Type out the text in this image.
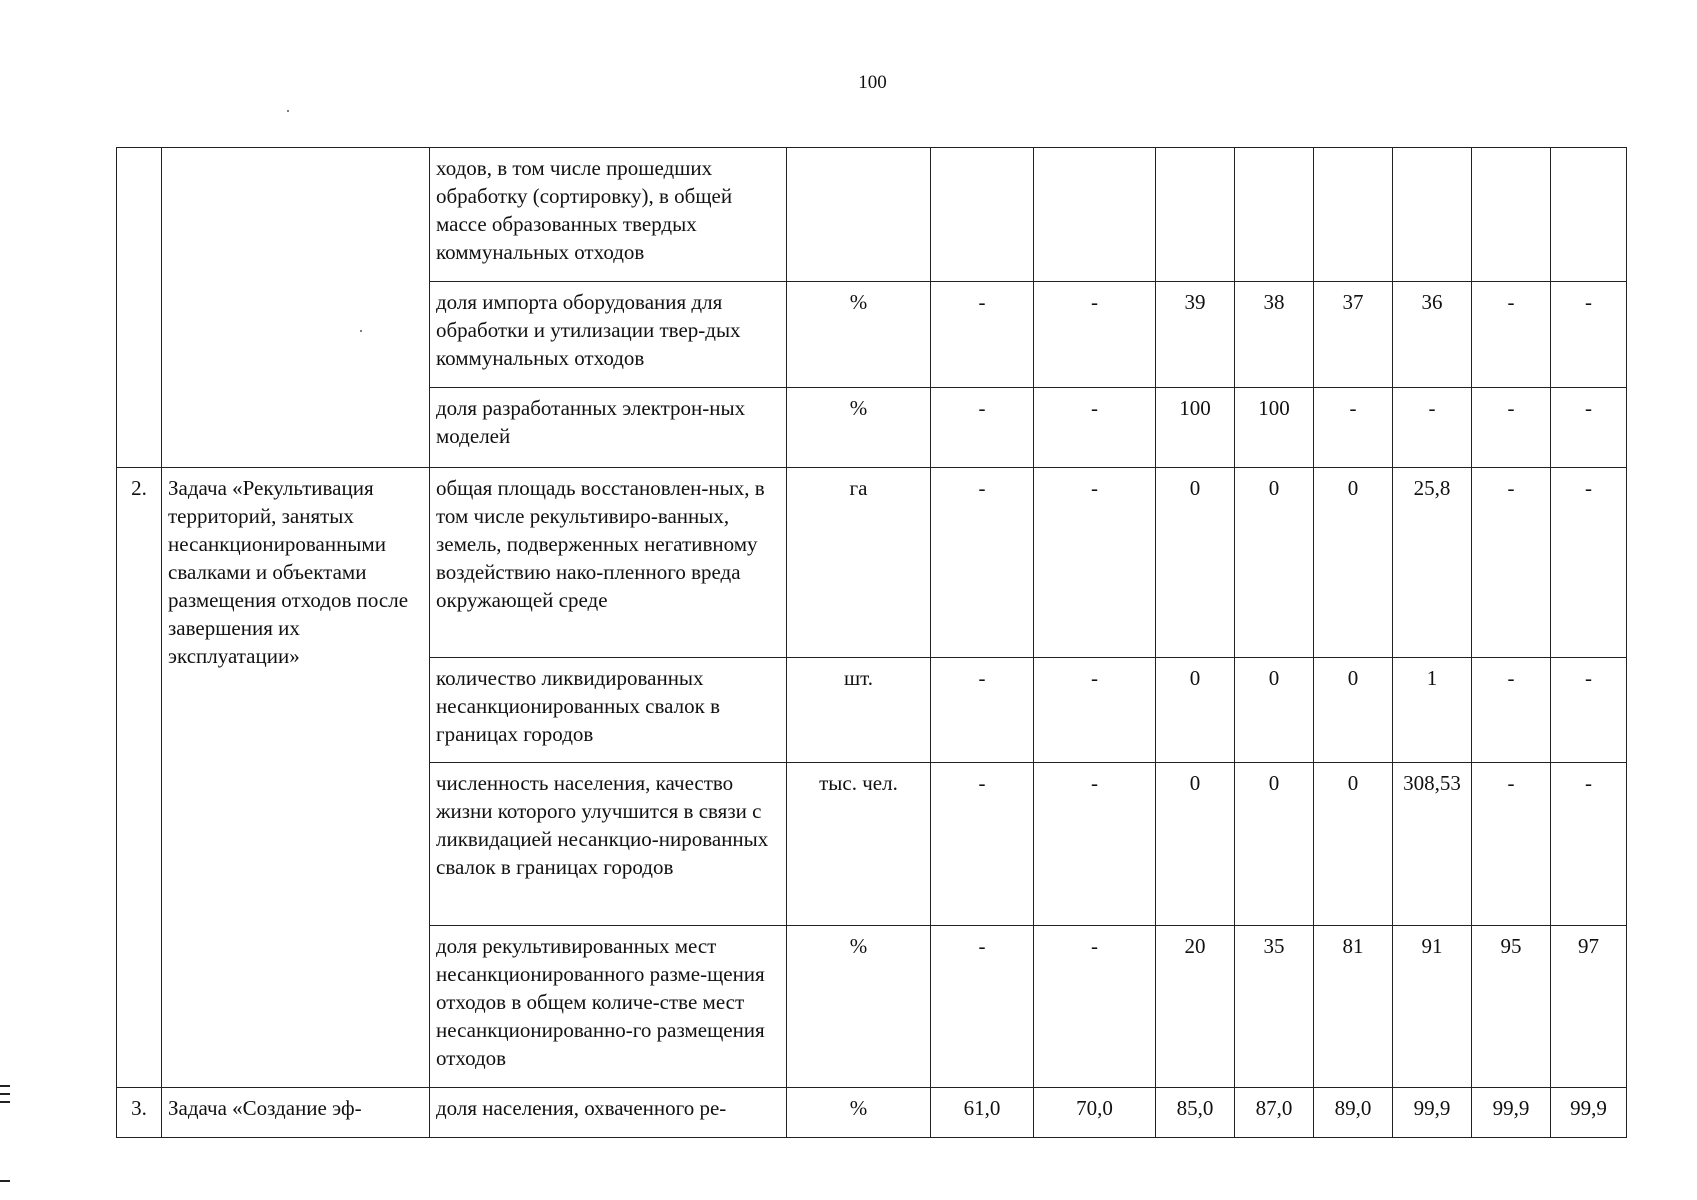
100
		ходов, в том числе прошедших обработку (сортировку), в общей массе образованных твердых коммунальных отходов									
		доля импорта оборудования для обработки и утилизации твер-дых коммунальных отходов	%	-	-	39	38	37	36	-	-
		доля разработанных электрон-ных моделей	%	-	-	100	100	-	-	-	-
2.	Задача «Рекультивация территорий, занятых несанкционированными свалками и объектами размещения отходов после завершения их эксплуатации»	общая площадь восстановлен-ных, в том числе рекультивиро-ванных, земель, подверженных негативному воздействию нако-пленного вреда окружающей среде	га	-	-	0	0	0	25,8	-	-
		количество ликвидированных несанкционированных свалок в границах городов	шт.	-	-	0	0	0	1	-	-
		численность населения, качество жизни которого улучшится в связи с ликвидацией несанкцио-нированных свалок в границах городов	тыс. чел.	-	-	0	0	0	308,53	-	-
		доля рекультивированных мест несанкционированного разме-щения отходов в общем количе-стве мест несанкционированно-го размещения отходов	%	-	-	20	35	81	91	95	97
3.	Задача «Создание эф-	доля населения, охваченного ре-	%	61,0	70,0	85,0	87,0	89,0	99,9	99,9	99,9
